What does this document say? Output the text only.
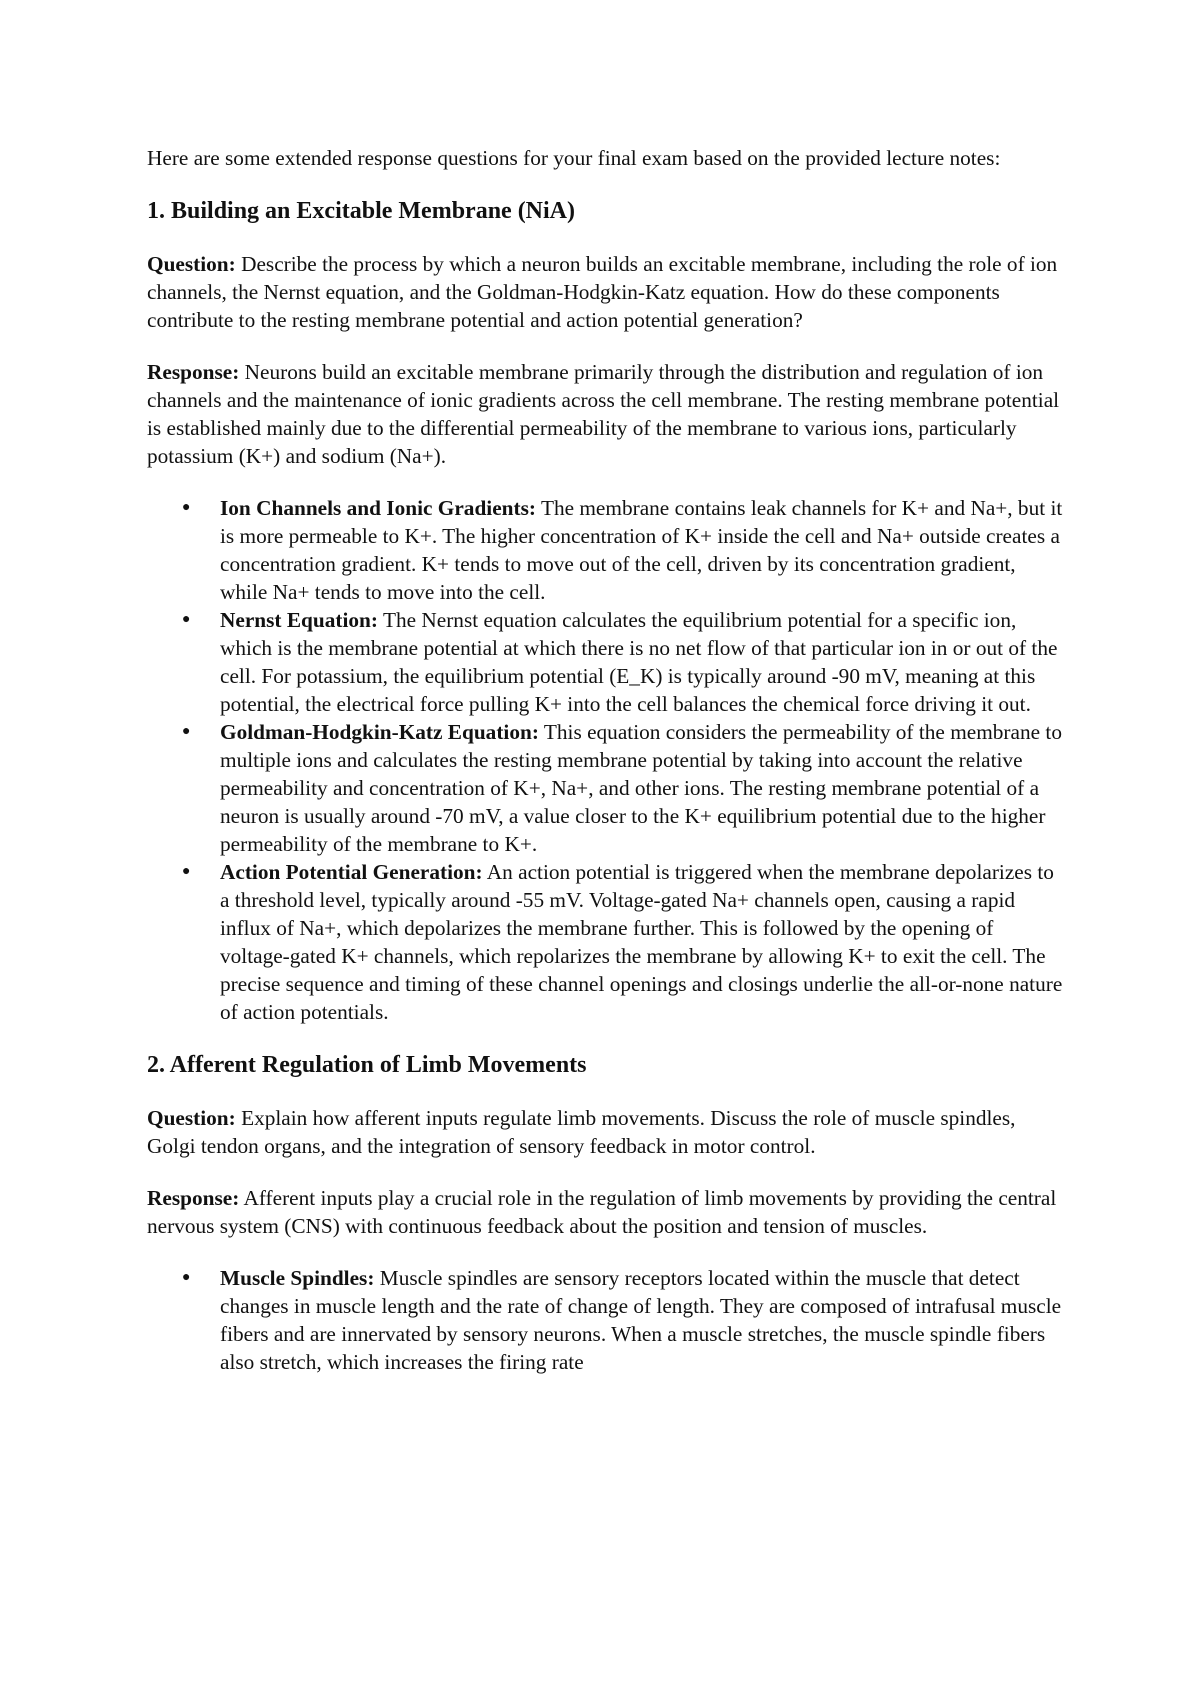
Here are some extended response questions for your final exam based on the provided lecture notes:

1. Building an Excitable Membrane (NiA)

Question: Describe the process by which a neuron builds an excitable membrane, including the role of ion channels, the Nernst equation, and the Goldman-Hodgkin-Katz equation. How do these components contribute to the resting membrane potential and action potential generation?

Response: Neurons build an excitable membrane primarily through the distribution and regulation of ion channels and the maintenance of ionic gradients across the cell membrane. The resting membrane potential is established mainly due to the differential permeability of the membrane to various ions, particularly potassium (K+) and sodium (Na+).

● Ion Channels and Ionic Gradients: The membrane contains leak channels for K+ and Na+, but it is more permeable to K+. The higher concentration of K+ inside the cell and Na+ outside creates a concentration gradient. K+ tends to move out of the cell, driven by its concentration gradient, while Na+ tends to move into the cell.
● Nernst Equation: The Nernst equation calculates the equilibrium potential for a specific ion, which is the membrane potential at which there is no net flow of that particular ion in or out of the cell. For potassium, the equilibrium potential (E_K) is typically around -90 mV, meaning at this potential, the electrical force pulling K+ into the cell balances the chemical force driving it out.
● Goldman-Hodgkin-Katz Equation: This equation considers the permeability of the membrane to multiple ions and calculates the resting membrane potential by taking into account the relative permeability and concentration of K+, Na+, and other ions. The resting membrane potential of a neuron is usually around -70 mV, a value closer to the K+ equilibrium potential due to the higher permeability of the membrane to K+.
● Action Potential Generation: An action potential is triggered when the membrane depolarizes to a threshold level, typically around -55 mV. Voltage-gated Na+ channels open, causing a rapid influx of Na+, which depolarizes the membrane further. This is followed by the opening of voltage-gated K+ channels, which repolarizes the membrane by allowing K+ to exit the cell. The precise sequence and timing of these channel openings and closings underlie the all-or-none nature of action potentials.
2. Afferent Regulation of Limb Movements

Question: Explain how afferent inputs regulate limb movements. Discuss the role of muscle spindles, Golgi tendon organs, and the integration of sensory feedback in motor control.

Response: Afferent inputs play a crucial role in the regulation of limb movements by providing the central nervous system (CNS) with continuous feedback about the position and tension of muscles.

● Muscle Spindles: Muscle spindles are sensory receptors located within the muscle that detect changes in muscle length and the rate of change of length. They are composed of intrafusal muscle fibers and are innervated by sensory neurons. When a muscle stretches, the muscle spindle fibers also stretch, which increases the firing rate
